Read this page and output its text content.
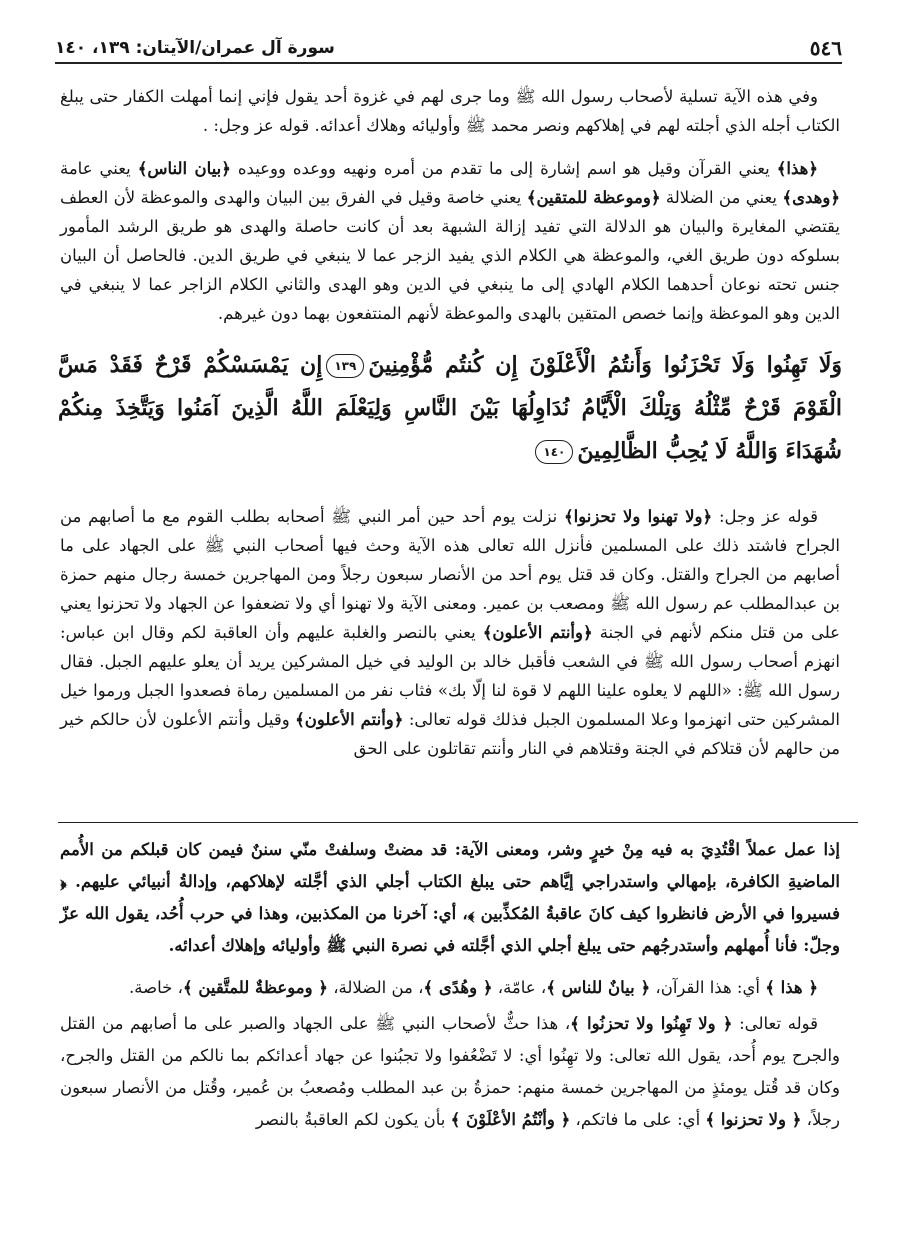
٥٤٦
سورة آل عمران/الآيتان: ١٣٩، ١٤٠

وفي هذه الآية تسلية لأصحاب رسول الله ﷺ وما جرى لهم في غزوة أحد يقول فإني إنما أمهلت الكفار حتى يبلغ الكتاب أجله الذي أجلته لهم في إهلاكهم ونصر محمد ﷺ وأوليائه وهلاك أعدائه. قوله عز وجل: .

﴿هذا﴾ يعني القرآن وقيل هو اسم إشارة إلى ما تقدم من أمره ونهيه ووعده ووعيده ﴿بيان الناس﴾ يعني عامة ﴿وهدى﴾ يعني من الضلالة ﴿وموعظة للمتقين﴾ يعني خاصة وقيل في الفرق بين البيان والهدى والموعظة لأن العطف يقتضي المغايرة والبيان هو الدلالة التي تفيد إزالة الشبهة بعد أن كانت حاصلة والهدى هو طريق الرشد المأمور بسلوكه دون طريق الغي، والموعظة هي الكلام الذي يفيد الزجر عما لا ينبغي في طريق الدين. فالحاصل أن البيان جنس تحته نوعان أحدهما الكلام الهادي إلى ما ينبغي في الدين وهو الهدى والثاني الكلام الزاجر عما لا ينبغي في الدين وهو الموعظة وإنما خصص المتقين بالهدى والموعظة لأنهم المنتفعون بهما دون غيرهم.

وَلَا تَهِنُوا وَلَا تَحْزَنُوا وَأَنتُمُ الْأَعْلَوْنَ إِن كُنتُم مُّؤْمِنِينَ١٣٩إِن يَمْسَسْكُمْ قَرْحٌ فَقَدْ مَسَّ الْقَوْمَ قَرْحٌ مِّثْلُهُ وَتِلْكَ الْأَيَّامُ نُدَاوِلُهَا بَيْنَ النَّاسِ وَلِيَعْلَمَ اللَّهُ الَّذِينَ آمَنُوا وَيَتَّخِذَ مِنكُمْ شُهَدَاءَ وَاللَّهُ لَا يُحِبُّ الظَّالِمِينَ١٤٠

قوله عز وجل: ﴿ولا تهنوا ولا تحزنوا﴾ نزلت يوم أحد حين أمر النبي ﷺ أصحابه بطلب القوم مع ما أصابهم من الجراح فاشتد ذلك على المسلمين فأنزل الله تعالى هذه الآية وحث فيها أصحاب النبي ﷺ على الجهاد على ما أصابهم من الجراح والقتل. وكان قد قتل يوم أحد من الأنصار سبعون رجلاً ومن المهاجرين خمسة رجال منهم حمزة بن عبدالمطلب عم رسول الله ﷺ ومصعب بن عمير. ومعنى الآية ولا تهنوا أي ولا تضعفوا عن الجهاد ولا تحزنوا يعني على من قتل منكم لأنهم في الجنة ﴿وأنتم الأعلون﴾ يعني بالنصر والغلبة عليهم وأن العاقبة لكم وقال ابن عباس: انهزم أصحاب رسول الله ﷺ في الشعب فأقبل خالد بن الوليد في خيل المشركين يريد أن يعلو عليهم الجبل. فقال رسول الله ﷺ: «اللهم لا يعلوه علينا اللهم لا قوة لنا إلّا بك» فثاب نفر من المسلمين رماة فصعدوا الجبل ورموا خيل المشركين حتى انهزموا وعلا المسلمون الجبل فذلك قوله تعالى: ﴿وأنتم الأعلون﴾ وقيل وأنتم الأعلون لأن حالكم خير من حالهم لأن قتلاكم في الجنة وقتلاهم في النار وأنتم تقاتلون على الحق

إذا عمل عملاً اقْتُدِيَ به فيه مِنْ خيرٍ وشر، ومعنى الآية: قد مضتْ وسلفتْ منّي سننٌ فيمن كان قبلكم من الأُمم الماضيةِ الكافرة، بإمهالي واستدراجي إيَّاهم حتى يبلغ الكتاب أجلي الذي أجَّلته لإهلاكهم، وإدالةُ أنبيائي عليهم. ﴿ فسيروا في الأرض فانظروا كيف كانَ عاقبةُ المُكذِّبين ﴾، أي: آخرنا من المكذبين، وهذا في حرب أُحُد، يقول الله عزّ وجلّ: فأنا أُمهلهم وأستدرجُهم حتى يبلغ أجلي الذي أجَّلته في نصرة النبي ﷺ وأوليائه وإهلاك أعدائه.

﴿ هذا ﴾ أي: هذا القرآن، ﴿ بيانٌ للناس ﴾، عامّة، ﴿ وهُدًى ﴾، من الضلالة، ﴿ وموعظةٌ للمتَّقين ﴾، خاصة.

قوله تعالى: ﴿ ولا تَهِنُوا ولا تحزنُوا ﴾، هذا حثٌّ لأصحاب النبي ﷺ على الجهاد والصبر على ما أصابهم من القتل والجرح يوم أُحد، يقول الله تعالى: ولا تهِنُوا أي: لا تَضْعُفوا ولا تجبُنوا عن جهاد أعدائكم بما نالكم من القتل والجرح، وكان قد قُتل يومئذٍ من المهاجرين خمسة منهم: حمزةُ بن عبد المطلب ومُصعبُ بن عُمير، وقُتل من الأنصار سبعون رجلاً، ﴿ ولا تحزنوا ﴾ أي: على ما فاتكم، ﴿ وأنْتُمُ الأعْلَوْنَ ﴾ بأن يكون لكم العاقبةُ بالنصر
